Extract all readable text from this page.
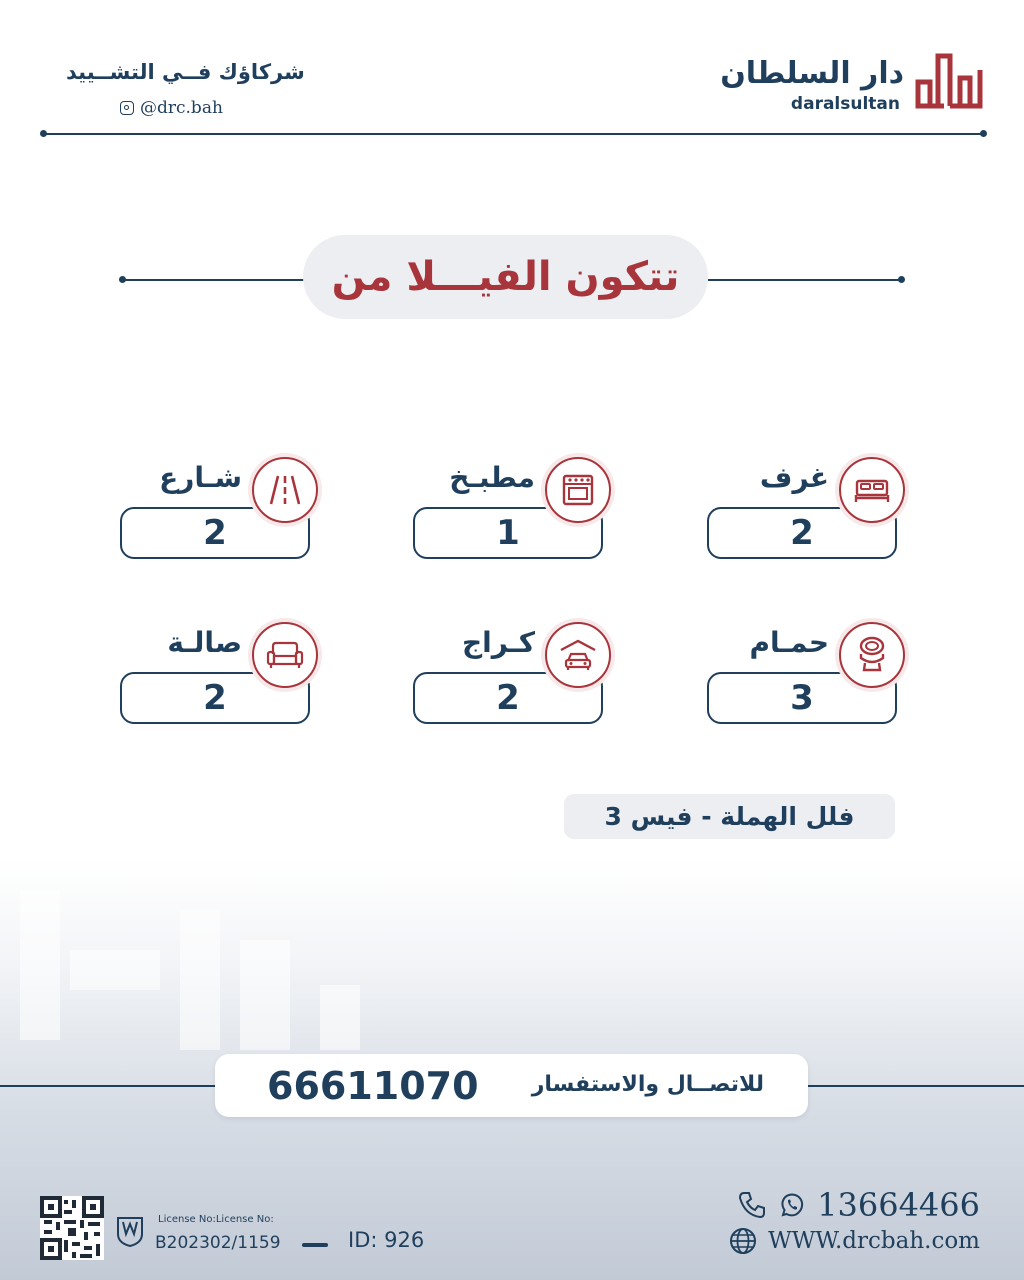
دار السلطان
daralsultan
شركاؤك فــي التشــييد
@drc.bah
تتكون الفيـــلا من
2
غرف
1
مطبـخ
2
شـارع
3
حمـام
2
كـراج
2
صالـة
فلل الهملة - فيس 3
للاتصــال والاستفسار
66611070
13664466
WWW.drcbah.com
License No:License No:
B202302/1159	ID: 926
